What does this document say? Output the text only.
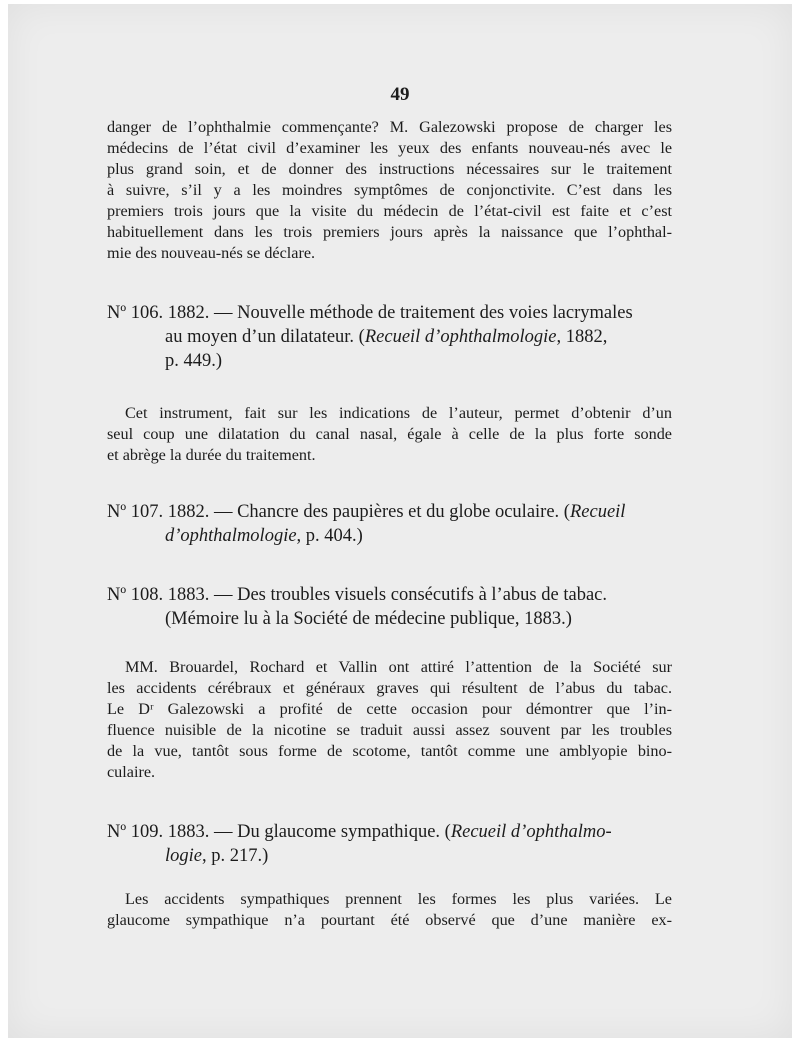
49
danger de l’ophthalmie commençante? M. Galezowski propose de charger les
médecins de l’état civil d’examiner les yeux des enfants nouveau-nés avec le
plus grand soin, et de donner des instructions nécessaires sur le traitement
à suivre, s’il y a les moindres symptômes de conjonctivite. C’est dans les
premiers trois jours que la visite du médecin de l’état-civil est faite et c’est
habituellement dans les trois premiers jours après la naissance que l’ophthal-
mie des nouveau-nés se déclare.
Nº 106. 1882. — Nouvelle méthode de traitement des voies lacrymales
au moyen d’un dilatateur. (Recueil d’ophthalmologie, 1882,
p. 449.)
Cet instrument, fait sur les indications de l’auteur, permet d’obtenir d’un
seul coup une dilatation du canal nasal, égale à celle de la plus forte sonde
et abrège la durée du traitement.
Nº 107. 1882. — Chancre des paupières et du globe oculaire. (Recueil
d’ophthalmologie, p. 404.)
Nº 108. 1883. — Des troubles visuels consécutifs à l’abus de tabac.
(Mémoire lu à la Société de médecine publique, 1883.)
MM. Brouardel, Rochard et Vallin ont attiré l’attention de la Société sur
les accidents cérébraux et généraux graves qui résultent de l’abus du tabac.
Le Dʳ Galezowski a profité de cette occasion pour démontrer que l’in-
fluence nuisible de la nicotine se traduit aussi assez souvent par les troubles
de la vue, tantôt sous forme de scotome, tantôt comme une amblyopie bino-
culaire.
Nº 109. 1883. — Du glaucome sympathique. (Recueil d’ophthalmo-
logie, p. 217.)
Les accidents sympathiques prennent les formes les plus variées. Le
glaucome sympathique n’a pourtant été observé que d’une manière ex-
